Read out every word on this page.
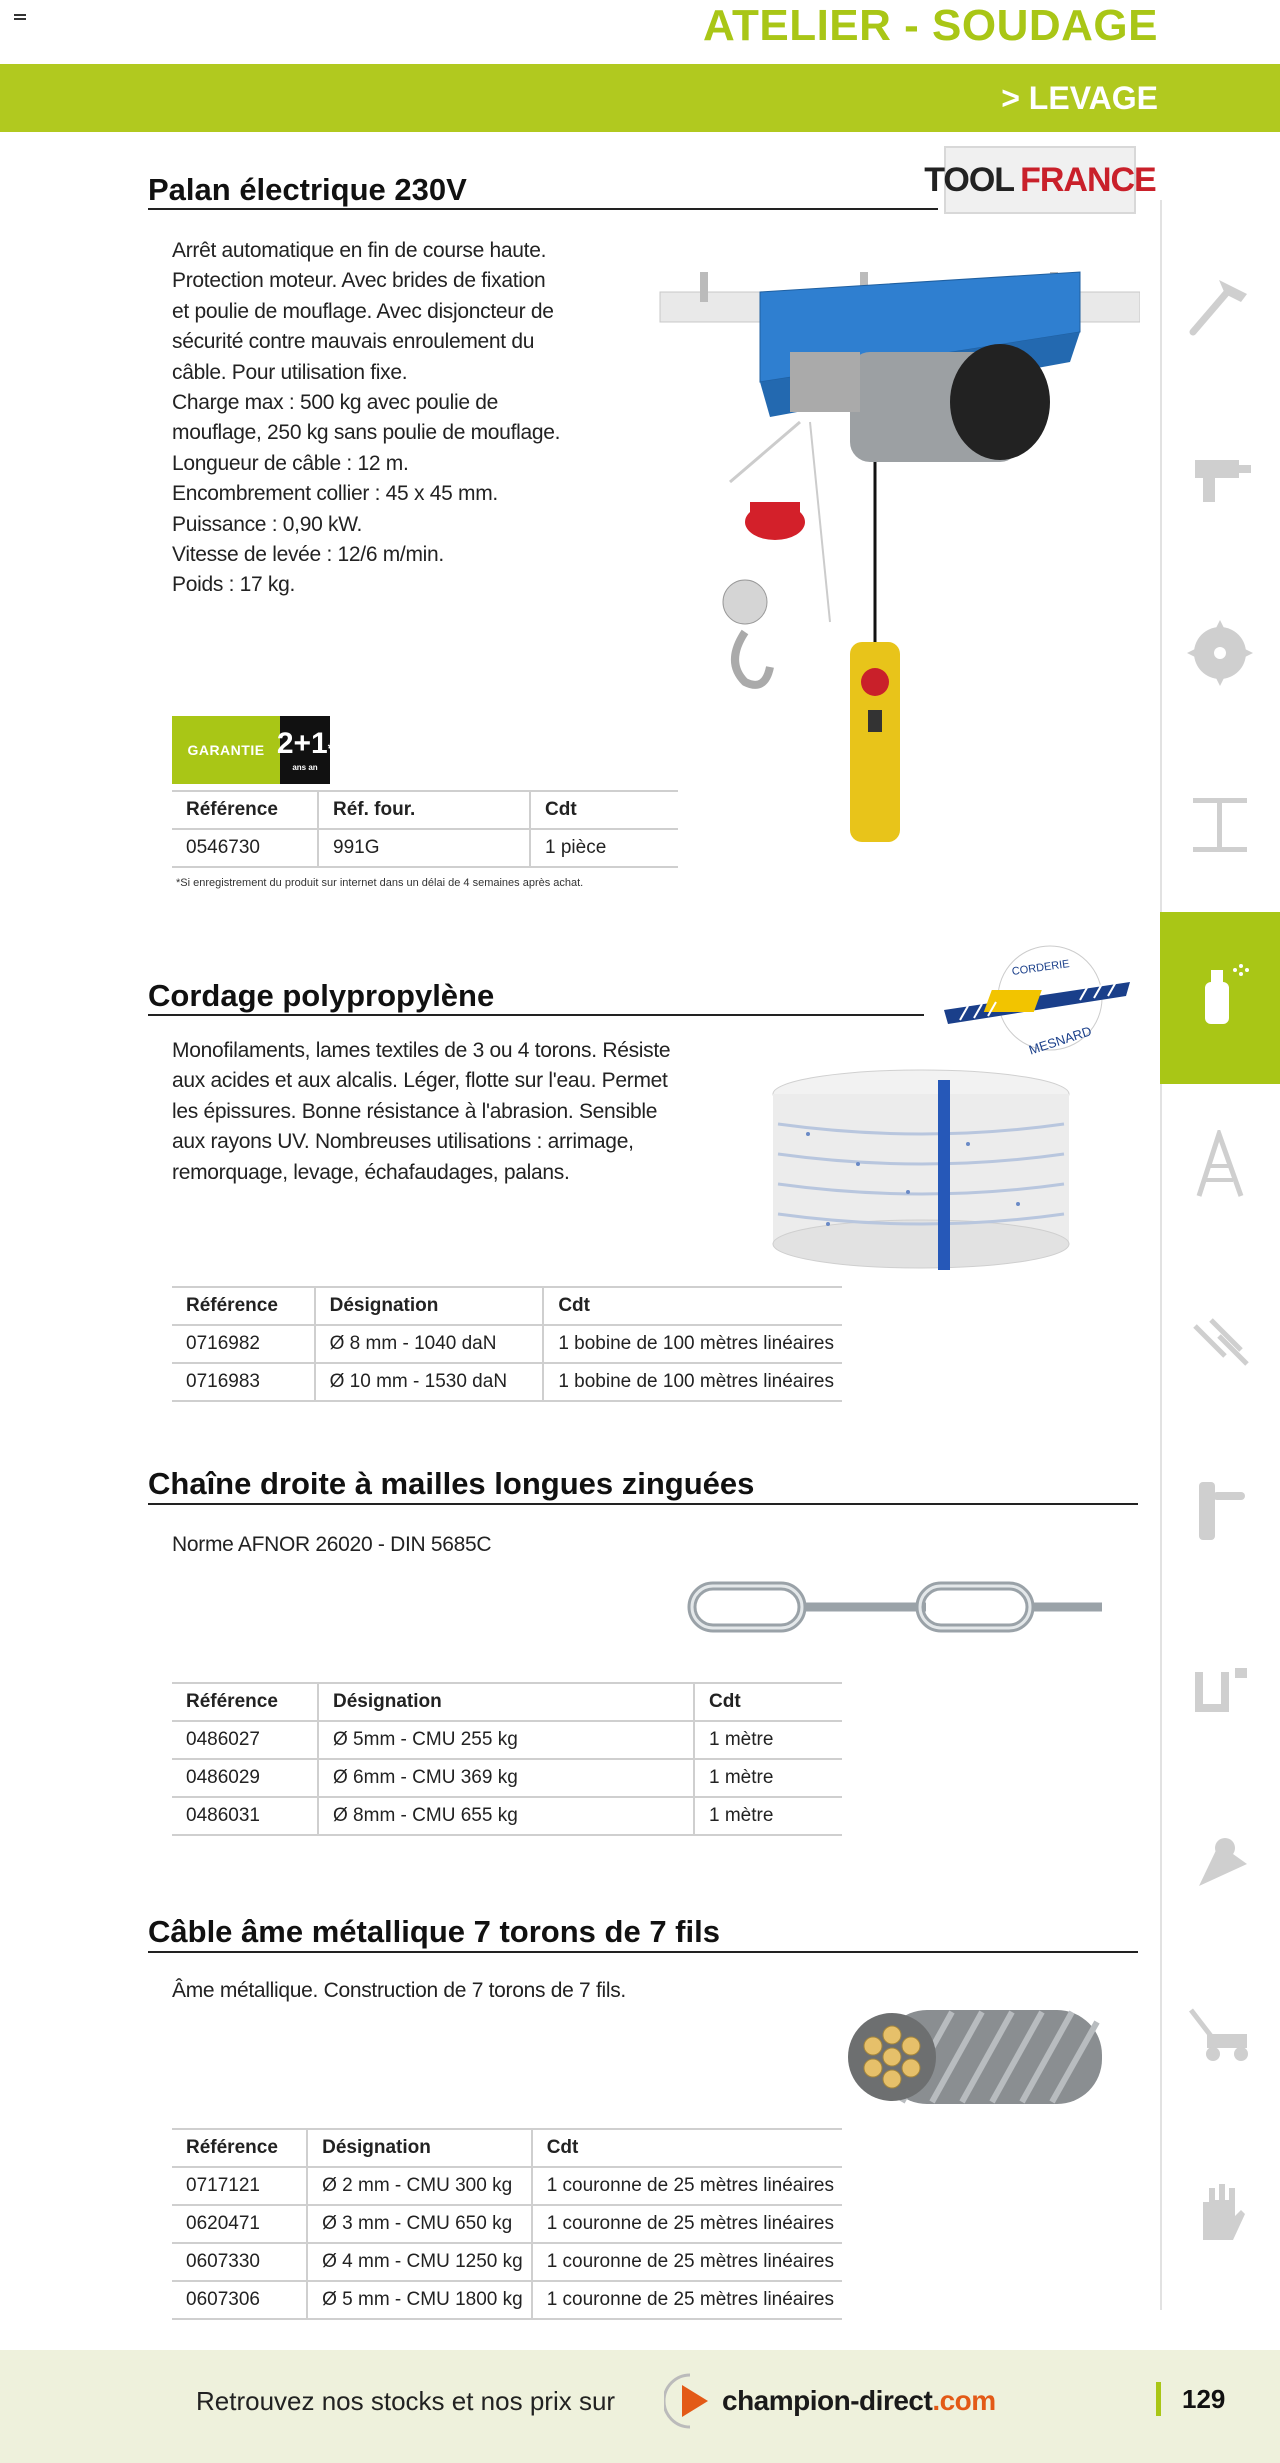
ATELIER - SOUDAGE
> LEVAGE
TOOL FRANCE
Palan électrique 230V
Arrêt automatique en fin de course haute.
Protection moteur. Avec brides de fixation
et poulie de mouflage. Avec disjoncteur de
sécurité contre mauvais enroulement du
câble. Pour utilisation fixe.
Charge max : 500 kg avec poulie de
mouflage, 250 kg sans poulie de mouflage.
Longueur de câble : 12 m.
Encombrement collier : 45 x 45 mm.
Puissance : 0,90 kW.
Vitesse de levée : 12/6 m/min.
Poids : 17 kg.
GARANTIE 2+1*
ans an
Référence	Réf. four.	Cdt
0546730	991G	1 pièce
*Si enregistrement du produit sur internet dans un délai de 4 semaines après achat.
Cordage polypropylène
CORDERIE
MESNARD
Monofilaments, lames textiles de 3 ou 4 torons. Résiste
aux acides et aux alcalis. Léger, flotte sur l'eau. Permet
les épissures. Bonne résistance à l'abrasion. Sensible
aux rayons UV. Nombreuses utilisations : arrimage,
remorquage, levage, échafaudages, palans.
Référence	Désignation	Cdt
0716982	Ø 8 mm - 1040 daN	1 bobine de 100 mètres linéaires
0716983	Ø 10 mm - 1530 daN	1 bobine de 100 mètres linéaires
Chaîne droite à mailles longues zinguées
Norme AFNOR 26020 - DIN 5685C
Référence	Désignation	Cdt
0486027	Ø 5mm - CMU 255 kg	1 mètre
0486029	Ø 6mm - CMU 369 kg	1 mètre
0486031	Ø 8mm - CMU 655 kg	1 mètre
Câble âme métallique 7 torons de 7 fils
Âme métallique. Construction de 7 torons de 7 fils.
Référence	Désignation	Cdt
0717121	Ø 2 mm - CMU 300 kg	1 couronne de 25 mètres linéaires
0620471	Ø 3 mm - CMU 650 kg	1 couronne de 25 mètres linéaires
0607330	Ø 4 mm - CMU 1250 kg	1 couronne de 25 mètres linéaires
0607306	Ø 5 mm - CMU 1800 kg	1 couronne de 25 mètres linéaires
Retrouvez nos stocks et nos prix sur	champion-direct.com	129
